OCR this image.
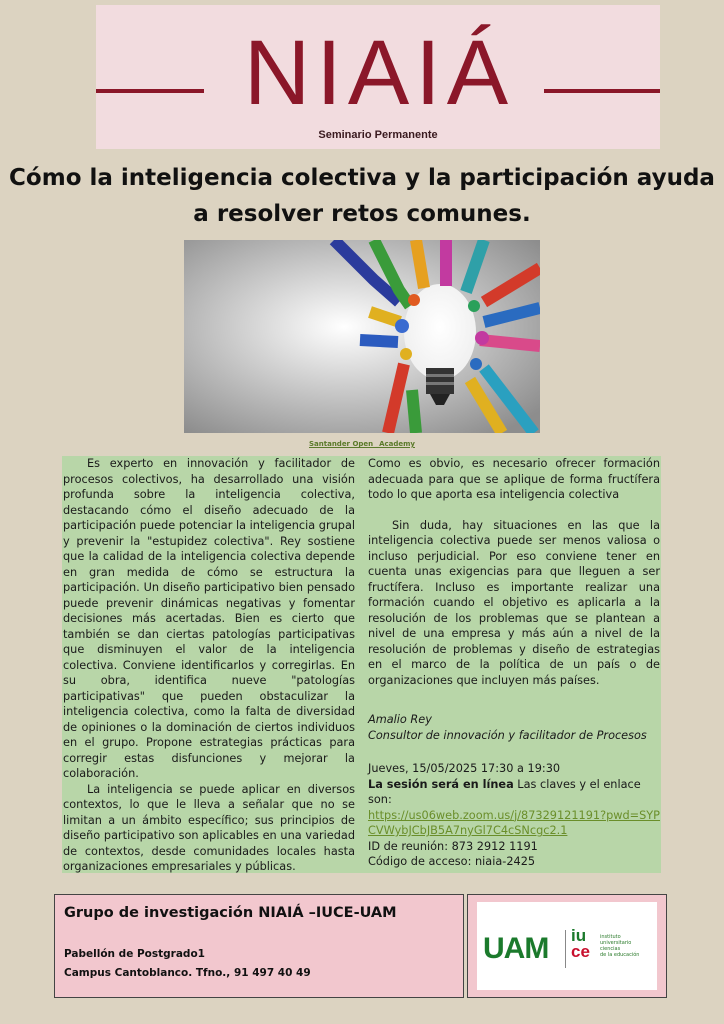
NIAIÁ
Seminario Permanente
Cómo la inteligencia colectiva y la participación ayuda a resolver retos comunes.
Santander Open _Academy

Es experto en innovación y facilitador de procesos colectivos, ha desarrollado una visión profunda sobre la inteligencia colectiva, destacando cómo el diseño adecuado de la participación puede potenciar la inteligencia grupal y prevenir la "estupidez colectiva". Rey sostiene que la calidad de la inteligencia colectiva depende en gran medida de cómo se estructura la participación. Un diseño participativo bien pensado puede prevenir dinámicas negativas y fomentar decisiones más acertadas. Bien es cierto que también se dan ciertas patologías participativas que disminuyen el valor de la inteligencia colectiva. Conviene identificarlos y corregirlas. En su obra, identifica nueve "patologías participativas" que pueden obstaculizar la inteligencia colectiva, como la falta de diversidad de opiniones o la dominación de ciertos individuos en el grupo. Propone estrategias prácticas para corregir estas disfunciones y mejorar la colaboración.

La inteligencia se puede aplicar en diversos contextos, lo que le lleva a señalar que no se limitan a un ámbito específico; sus principios de diseño participativo son aplicables en una variedad de contextos, desde comunidades locales hasta organizaciones empresariales y públicas.

Como es obvio, es necesario ofrecer formación adecuada para que se aplique de forma fructífera todo lo que aporta esa inteligencia colectiva

Sin duda, hay situaciones en las que la inteligencia colectiva puede ser menos valiosa o incluso perjudicial. Por eso conviene tener en cuenta unas exigencias para que lleguen a ser fructífera. Incluso es importante realizar una formación cuando el objetivo es aplicarla a la resolución de los problemas que se plantean a nivel de una empresa y más aún a nivel de la resolución de problemas y diseño de estrategias en el marco de la política de un país o de organizaciones que incluyen más países.

Amalio Rey

Consultor de innovación y facilitador de Procesos

Jueves, 15/05/2025 17:30 a 19:30

La sesión será en línea Las claves y el enlace son:

https://us06web.zoom.us/j/87329121191?pwd=SYPCVWybJCbJB5A7nyGl7C4cSNcgc2.1

ID de reunión: 873 2912 1191

Código de acceso: niaia-2425

Grupo de investigación NIAIÁ –IUCE-UAM
Pabellón de Postgrado1
Campus Cantoblanco. Tfno., 91 497 40 49
UAM iu
ce
instituto
universitario
ciencias
de la educación
